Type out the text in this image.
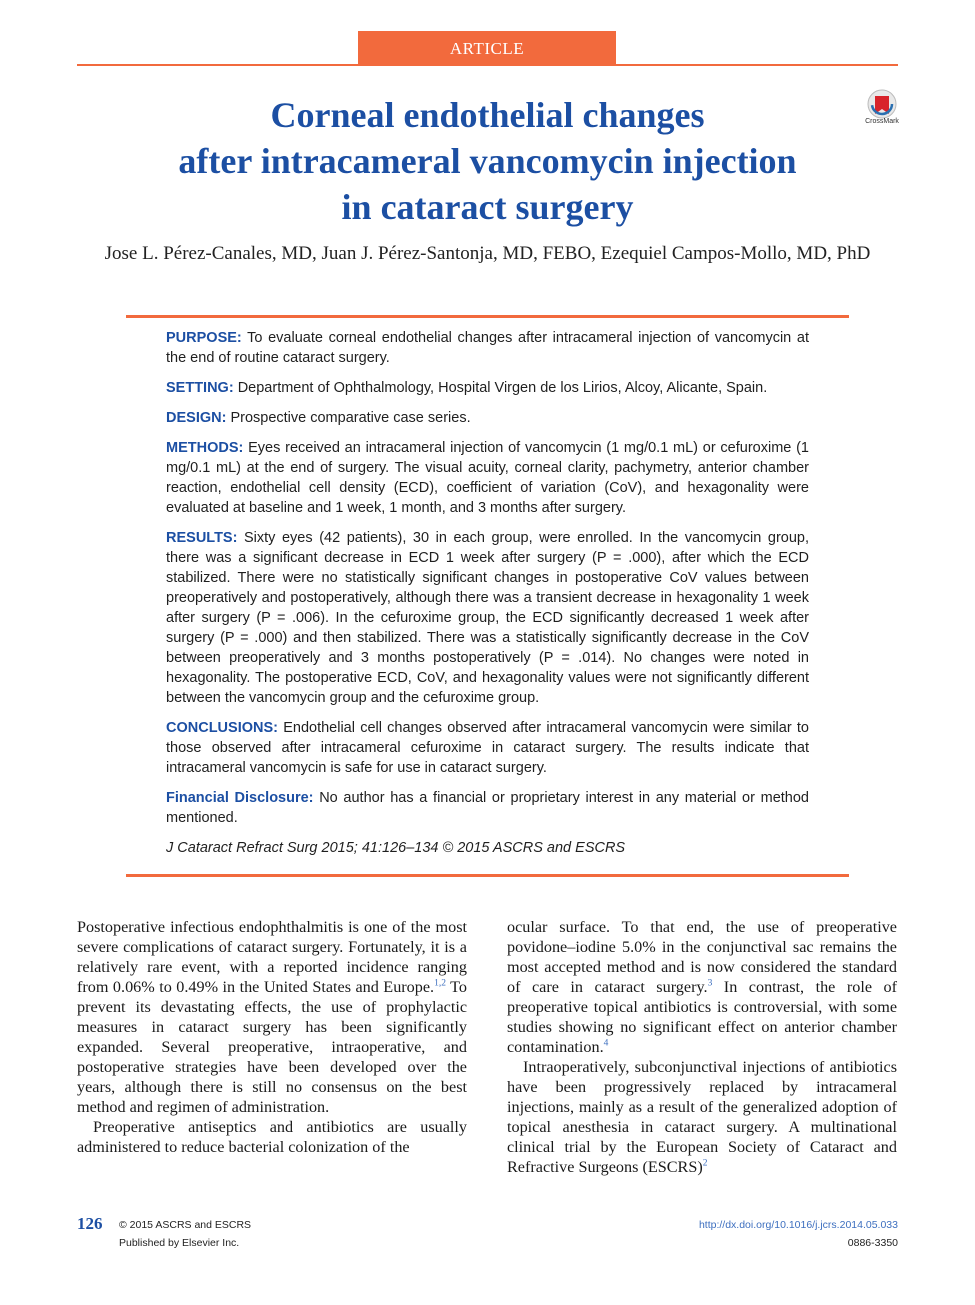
ARTICLE
Corneal endothelial changes
after intracameral vancomycin injection
in cataract surgery
CrossMark
Jose L. Pérez-Canales, MD, Juan J. Pérez-Santonja, MD, FEBO, Ezequiel Campos-Mollo, MD, PhD

PURPOSE: To evaluate corneal endothelial changes after intracameral injection of vancomycin at the end of routine cataract surgery.

SETTING: Department of Ophthalmology, Hospital Virgen de los Lirios, Alcoy, Alicante, Spain.

DESIGN: Prospective comparative case series.

METHODS: Eyes received an intracameral injection of vancomycin (1 mg/0.1 mL) or cefuroxime (1 mg/0.1 mL) at the end of surgery. The visual acuity, corneal clarity, pachymetry, anterior chamber reaction, endothelial cell density (ECD), coefficient of variation (CoV), and hexagonality were evaluated at baseline and 1 week, 1 month, and 3 months after surgery.

RESULTS: Sixty eyes (42 patients), 30 in each group, were enrolled. In the vancomycin group, there was a significant decrease in ECD 1 week after surgery (P = .000), after which the ECD stabilized. There were no statistically significant changes in postoperative CoV values between preoperatively and postoperatively, although there was a transient decrease in hexagonality 1 week after surgery (P = .006). In the cefuroxime group, the ECD significantly decreased 1 week after surgery (P = .000) and then stabilized. There was a statistically significantly decrease in the CoV between preoperatively and 3 months postoperatively (P = .014). No changes were noted in hexagonality. The postoperative ECD, CoV, and hexagonality values were not significantly different between the vancomycin group and the cefuroxime group.

CONCLUSIONS: Endothelial cell changes observed after intracameral vancomycin were similar to those observed after intracameral cefuroxime in cataract surgery. The results indicate that intracameral vancomycin is safe for use in cataract surgery.

Financial Disclosure: No author has a financial or proprietary interest in any material or method mentioned.

J Cataract Refract Surg 2015; 41:126–134 © 2015 ASCRS and ESCRS

Postoperative infectious endophthalmitis is one of the most severe complications of cataract surgery. Fortunately, it is a relatively rare event, with a reported incidence ranging from 0.06% to 0.49% in the United States and Europe.$^{1,2}$ To prevent its devastating effects, the use of prophylactic measures in cataract surgery has been significantly expanded. Several preoperative, intraoperative, and postoperative strategies have been developed over the years, although there is still no consensus on the best method and regimen of administration.

Preoperative antiseptics and antibiotics are usually administered to reduce bacterial colonization of the

ocular surface. To that end, the use of preoperative povidone–iodine 5.0% in the conjunctival sac remains the most accepted method and is now considered the standard of care in cataract surgery.$^3$ In contrast, the role of preoperative topical antibiotics is controversial, with some studies showing no significant effect on anterior chamber contamination.$^4$

Intraoperatively, subconjunctival injections of antibiotics have been progressively replaced by intracameral injections, mainly as a result of the generalized adoption of topical anesthesia in cataract surgery. A multinational clinical trial by the European Society of Cataract and Refractive Surgeons (ESCRS)$^2$

126 © 2015 ASCRS and ESCRS
Published by Elsevier Inc.
http://dx.doi.org/10.1016/j.jcrs.2014.05.033
0886-3350
